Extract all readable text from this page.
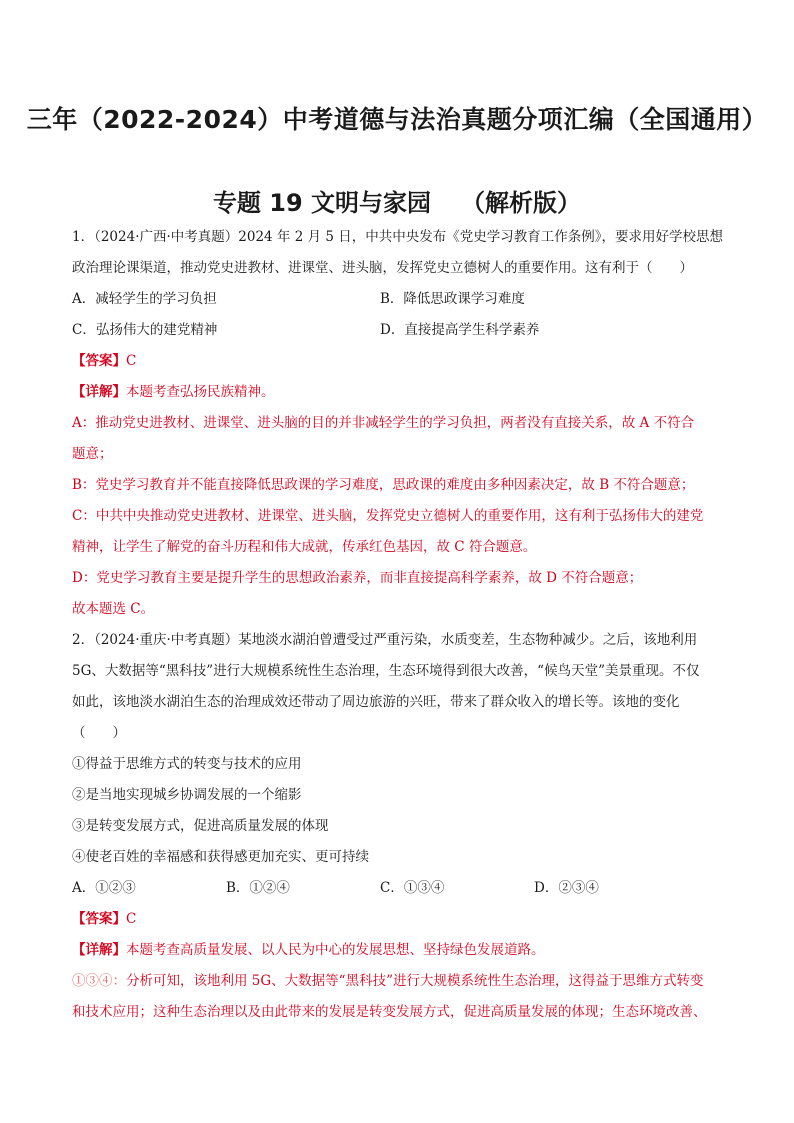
三年（2022-2024）中考道德与法治真题分项汇编（全国通用）
专题 19 文明与家园 （解析版）
1．（2024·广西·中考真题）2024 年 2 月 5 日，中共中央发布《党史学习教育工作条例》，要求用好学校思想
政治理论课渠道，推动党史进教材、进课堂、进头脑，发挥党史立德树人的重要作用。这有利于（　　）
A．减轻学生的学习负担	B．降低思政课学习难度
C．弘扬伟大的建党精神	D．直接提高学生科学素养
【答案】C
【详解】本题考查弘扬民族精神。
A：推动党史进教材、进课堂、进头脑的目的并非减轻学生的学习负担，两者没有直接关系，故 A 不符合
题意；
B：党史学习教育并不能直接降低思政课的学习难度，思政课的难度由多种因素决定，故 B 不符合题意；
C：中共中央推动党史进教材、进课堂、进头脑，发挥党史立德树人的重要作用，这有利于弘扬伟大的建党
精神，让学生了解党的奋斗历程和伟大成就，传承红色基因，故 C 符合题意。
D：党史学习教育主要是提升学生的思想政治素养，而非直接提高科学素养，故 D 不符合题意；
故本题选 C。
2．（2024·重庆·中考真题）某地淡水湖泊曾遭受过严重污染，水质变差，生态物种减少。之后，该地利用
5G、大数据等“黑科技”进行大规模系统性生态治理，生态环境得到很大改善，“候鸟天堂”美景重现。不仅
如此，该地淡水湖泊生态的治理成效还带动了周边旅游的兴旺，带来了群众收入的增长等。该地的变化
（　　）
①得益于思维方式的转变与技术的应用
②是当地实现城乡协调发展的一个缩影
③是转变发展方式，促进高质量发展的体现
④使老百姓的幸福感和获得感更加充实、更可持续
A．①②③	B．①②④	C．①③④	D．②③④
【答案】C
【详解】本题考查高质量发展、以人民为中心的发展思想、坚持绿色发展道路。
①③④：分析可知，该地利用 5G、大数据等“黑科技”进行大规模系统性生态治理，这得益于思维方式转变
和技术应用；这种生态治理以及由此带来的发展是转变发展方式，促进高质量发展的体现；生态环境改善、
